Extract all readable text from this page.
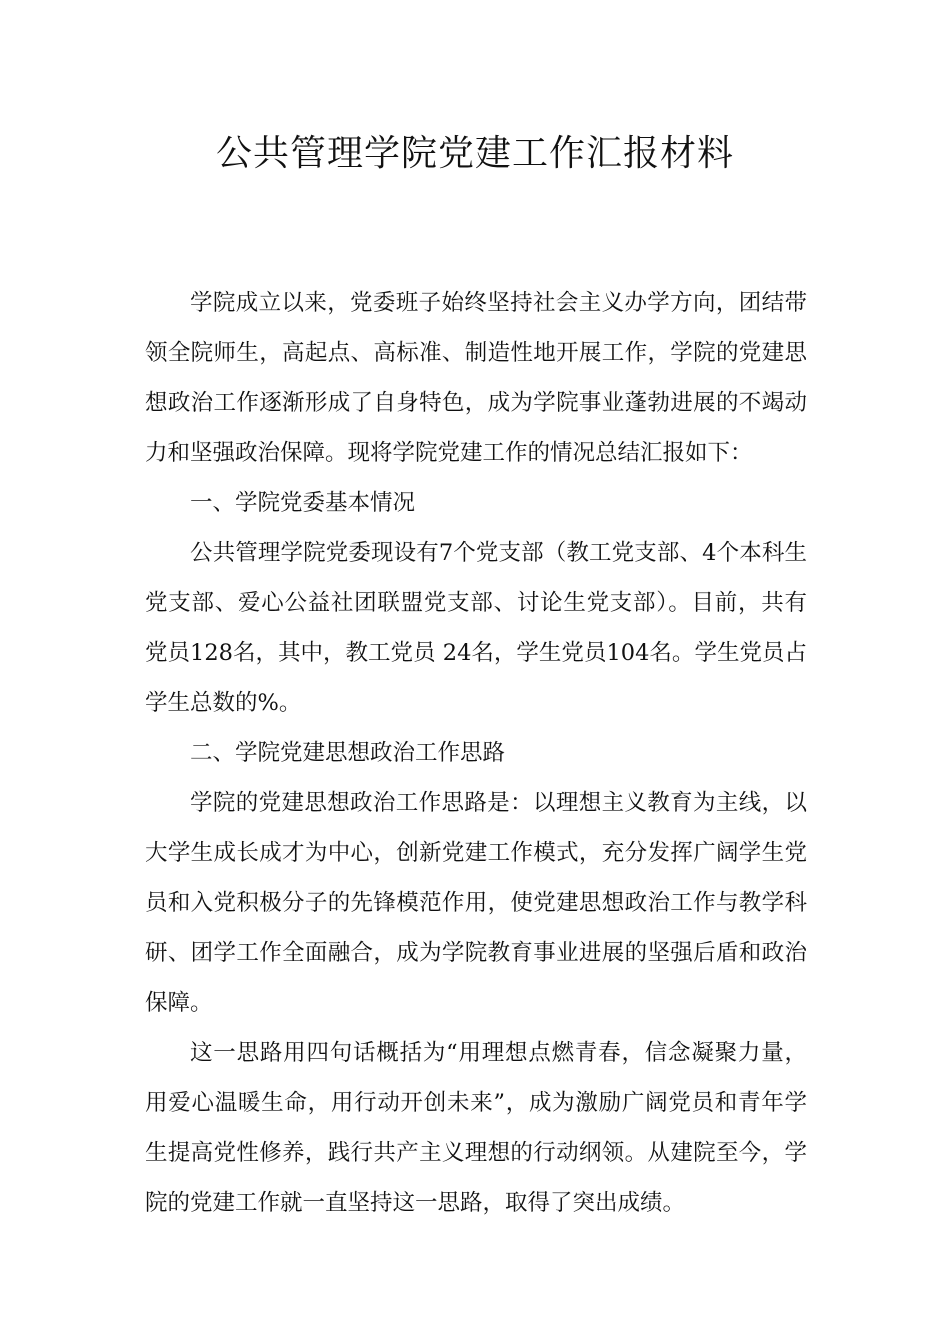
公共管理学院党建工作汇报材料

学院成立以来，党委班子始终坚持社会主义办学方向，团结带领全院师生，高起点、高标准、制造性地开展工作，学院的党建思想政治工作逐渐形成了自身特色，成为学院事业蓬勃进展的不竭动力和坚强政治保障。现将学院党建工作的情况总结汇报如下：

一、学院党委基本情况

公共管理学院党委现设有7个党支部（教工党支部、4个本科生党支部、爱心公益社团联盟党支部、讨论生党支部）。目前，共有党员128名，其中，教工党员 24名，学生党员104名。学生党员占学生总数的%。

二、学院党建思想政治工作思路

学院的党建思想政治工作思路是：以理想主义教育为主线，以大学生成长成才为中心，创新党建工作模式，充分发挥广阔学生党员和入党积极分子的先锋模范作用，使党建思想政治工作与教学科研、团学工作全面融合，成为学院教育事业进展的坚强后盾和政治保障。

这一思路用四句话概括为“用理想点燃青春，信念凝聚力量，用爱心温暖生命，用行动开创未来”，成为激励广阔党员和青年学生提高党性修养，践行共产主义理想的行动纲领。从建院至今，学院的党建工作就一直坚持这一思路，取得了突出成绩。
